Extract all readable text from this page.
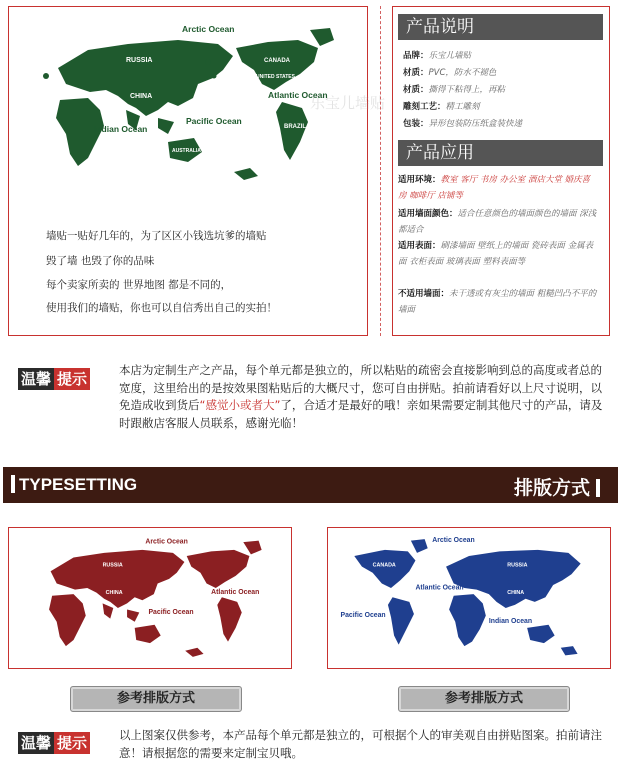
RUSSIA
CHINA
CANADA
UNITED STATES
BRAZIL
AUSTRALIA
Arctic Ocean
Indian Ocean
Pacific Ocean
Atlantic Ocean
乐宝儿墙贴
墙贴一贴好几年的，为了区区小钱选坑爹的墙贴
毁了墙 也毁了你的品味
每个卖家所卖的 世界地图 都是不同的，
使用我们的墙贴，你也可以自信秀出自己的实拍！
产品说明
品牌：乐宝儿墙贴
材质：PVC，防水不褪色
材质：撕得下粘得上，再粘
雕刻工艺：精工雕刻
包装：异形包装防压纸盒装快递
产品应用
适用环境：教室 客厅 书房 办公室 酒店大堂 婚庆喜房 咖啡厅 店铺等
适用墙面颜色：适合任意颜色的墙面颜色的墙面 深浅都适合
适用表面：刷漆墙面 壁纸上的墙面 瓷砖表面 金属表面 衣柜表面 玻璃表面 塑料表面等
不适用墙面：未干透或有灰尘的墙面 粗糙凹凸不平的墙面
温馨 提示	本店为定制生产之产品，每个单元都是独立的，所以粘贴的疏密会直接影响到总的高度或者总的宽度，这里给出的是按效果图粘贴后的大概尺寸，您可自由拼贴。拍前请看好以上尺寸说明，以免造成收到货后“感觉小或者大”了，合适才是最好的哦！亲如果需要定制其他尺寸的产品，请及时跟敝店客服人员联系，感谢光临！
TYPESETTING	排版方式
RUSSIA
CHINA
Arctic Ocean
Pacific Ocean
Atlantic Ocean
CANADA	RUSSIA
CHINA
Arctic Ocean
Pacific Ocean
Atlantic Ocean
Indian Ocean
参考排版方式	参考排版方式
温馨 提示	以上图案仅供参考，本产品每个单元都是独立的，可根据个人的审美观自由拼贴图案。拍前请注意！请根据您的需要来定制宝贝哦。
